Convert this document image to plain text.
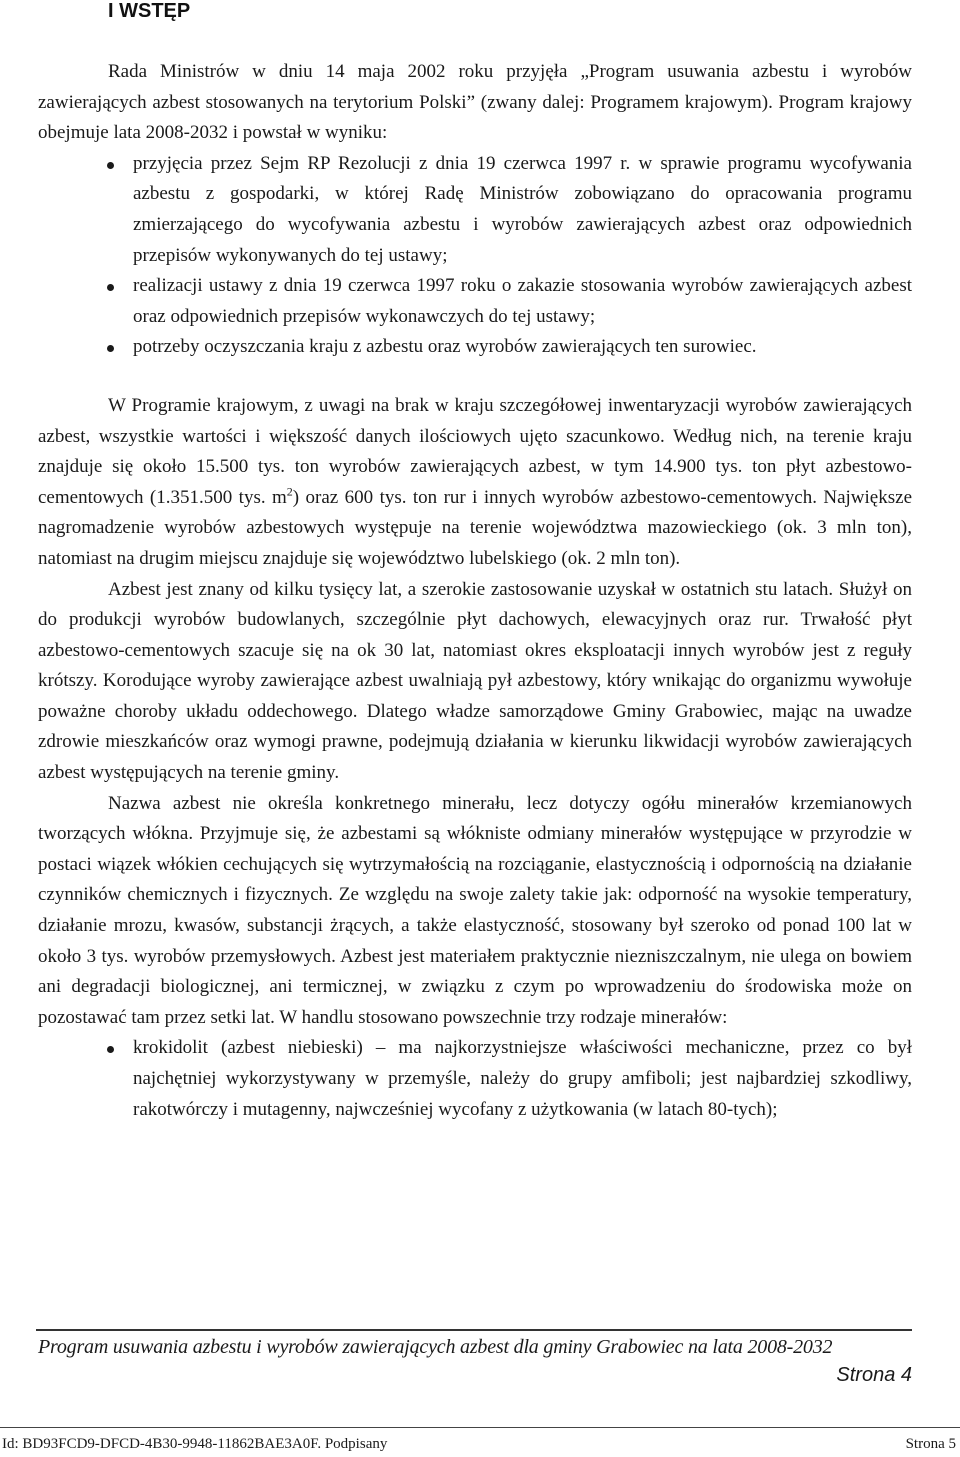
I WSTĘP

Rada Ministrów w dniu 14 maja 2002 roku przyjęła „Program usuwania azbestu i wyrobów zawierających azbest stosowanych na terytorium Polski” (zwany dalej: Programem krajowym). Program krajowy obejmuje lata 2008-2032 i powstał w wyniku:

przyjęcia przez Sejm RP Rezolucji z dnia 19 czerwca 1997 r. w sprawie programu wycofywania azbestu z gospodarki, w której Radę Ministrów zobowiązano do opracowania programu zmierzającego do wycofywania azbestu i wyrobów zawierających azbest oraz odpowiednich przepisów wykonywanych do tej ustawy;
realizacji ustawy z dnia 19 czerwca 1997 roku o zakazie stosowania wyrobów zawierających azbest oraz odpowiednich przepisów wykonawczych do tej ustawy;
potrzeby oczyszczania kraju z azbestu oraz wyrobów zawierających ten surowiec.

W Programie krajowym, z uwagi na brak w kraju szczegółowej inwentaryzacji wyrobów zawierających azbest, wszystkie wartości i większość danych ilościowych ujęto szacunkowo. Według nich, na terenie kraju znajduje się około 15.500 tys. ton wyrobów zawierających azbest, w tym 14.900 tys. ton płyt azbestowo-cementowych (1.351.500 tys. $m^2$) oraz 600 tys. ton rur i innych wyrobów azbestowo-cementowych. Największe nagromadzenie wyrobów azbestowych występuje na terenie województwa mazowieckiego (ok. 3 mln ton), natomiast na drugim miejscu znajduje się województwo lubelskiego (ok. 2 mln ton).

Azbest jest znany od kilku tysięcy lat, a szerokie zastosowanie uzyskał w ostatnich stu latach. Służył on do produkcji wyrobów budowlanych, szczególnie płyt dachowych, elewacyjnych oraz rur. Trwałość płyt azbestowo-cementowych szacuje się na ok 30 lat, natomiast okres eksploatacji innych wyrobów jest z reguły krótszy. Korodujące wyroby zawierające azbest uwalniają pył azbestowy, który wnikając do organizmu wywołuje poważne choroby układu oddechowego. Dlatego władze samorządowe Gminy Grabowiec, mając na uwadze zdrowie mieszkańców oraz wymogi prawne, podejmują działania w kierunku likwidacji wyrobów zawierających azbest występujących na terenie gminy.

Nazwa azbest nie określa konkretnego minerału, lecz dotyczy ogółu minerałów krzemianowych tworzących włókna. Przyjmuje się, że azbestami są włókniste odmiany minerałów występujące w przyrodzie w postaci wiązek włókien cechujących się wytrzymałością na rozciąganie, elastycznością i odpornością na działanie czynników chemicznych i fizycznych. Ze względu na swoje zalety takie jak: odporność na wysokie temperatury, działanie mrozu, kwasów, substancji żrących, a także elastyczność, stosowany był szeroko od ponad 100 lat w około 3 tys. wyrobów przemysłowych. Azbest jest materiałem praktycznie niezniszczalnym, nie ulega on bowiem ani degradacji biologicznej, ani termicznej, w związku z czym po wprowadzeniu do środowiska może on pozostawać tam przez setki lat. W handlu stosowano powszechnie trzy rodzaje minerałów:

krokidolit (azbest niebieski) – ma najkorzystniejsze właściwości mechaniczne, przez co był najchętniej wykorzystywany w przemyśle, należy do grupy amfiboli; jest najbardziej szkodliwy, rakotwórczy i mutagenny, najwcześniej wycofany z użytkowania (w latach 80-tych);
Program usuwania azbestu i wyrobów zawierających azbest dla gminy Grabowiec na lata 2008-2032
Strona 4
Id: BD93FCD9-DFCD-4B30-9948-11862BAE3A0F. Podpisany	Strona 5
